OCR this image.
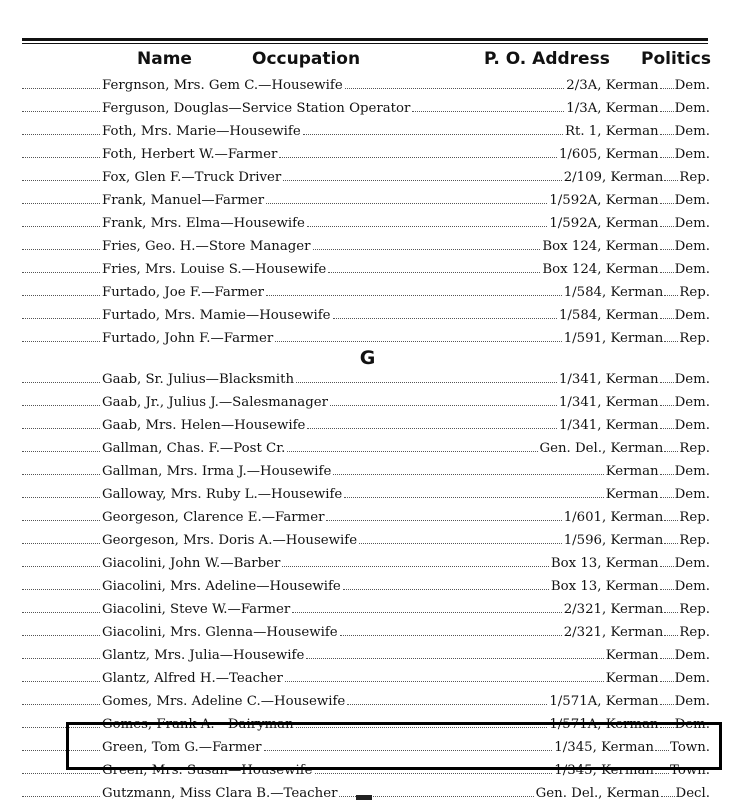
Name	Occupation	P. O. Address Politics
Fergnson, Mrs. Gem C.—Housewife	2/3A, Kerman Dem.
Ferguson, Douglas—Service Station Operator	1/3A, Kerman Dem.
Foth, Mrs. Marie—Housewife	Rt. 1, Kerman Dem.
Foth, Herbert W.—Farmer	1/605, Kerman Dem.
Fox, Glen F.—Truck Driver	2/109, Kerman Rep.
Frank, Manuel—Farmer	1/592A, Kerman Dem.
Frank, Mrs. Elma—Housewife	1/592A, Kerman Dem.
Fries, Geo. H.—Store Manager	Box 124, Kerman Dem.
Fries, Mrs. Louise S.—Housewife	Box 124, Kerman Dem.
Furtado, Joe F.—Farmer	1/584, Kerman Rep.
Furtado, Mrs. Mamie—Housewife	1/584, Kerman Dem.
Furtado, John F.—Farmer	1/591, Kerman Rep.
G
Gaab, Sr. Julius—Blacksmith	1/341, Kerman Dem.
Gaab, Jr., Julius J.—Salesmanager	1/341, Kerman Dem.
Gaab, Mrs. Helen—Housewife	1/341, Kerman Dem.
Gallman, Chas. F.—Post Cr.	Gen. Del., Kerman Rep.
Gallman, Mrs. Irma J.—Housewife	Kerman Dem.
Galloway, Mrs. Ruby L.—Housewife	Kerman Dem.
Georgeson, Clarence E.—Farmer	1/601, Kerman Rep.
Georgeson, Mrs. Doris A.—Housewife	1/596, Kerman Rep.
Giacolini, John W.—Barber	Box 13, Kerman Dem.
Giacolini, Mrs. Adeline—Housewife	Box 13, Kerman Dem.
Giacolini, Steve W.—Farmer	2/321, Kerman Rep.
Giacolini, Mrs. Glenna—Housewife	2/321, Kerman Rep.
Glantz, Mrs. Julia—Housewife	Kerman Dem.
Glantz, Alfred H.—Teacher	Kerman Dem.
Gomes, Mrs. Adeline C.—Housewife	1/571A, Kerman Dem.
Gomes, Frank A.—Dairyman	1/571A, Kerman Dem.
Green, Tom G.—Farmer	1/345, Kerman Town.
Green, Mrs. Susan—Housewife	1/345, Kerman Town.
Gutzmann, Miss Clara B.—Teacher	Gen. Del., Kerman Decl.
